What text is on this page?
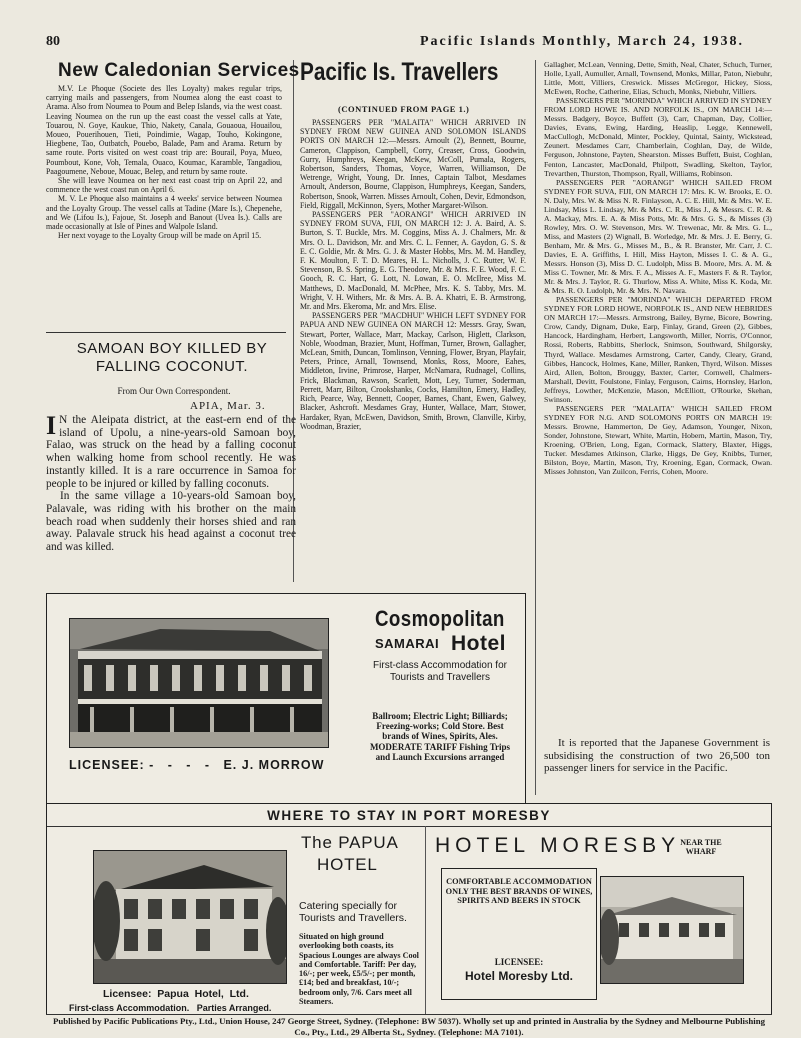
80	Pacific Islands Monthly, March 24, 1938.
New Caledonian Services

M.V. Le Phoque (Societe des Iles Loyalty) makes regular trips, carrying mails and passengers, from Noumea along the east coast to Arama. Also from Noumea to Poum and Belep Islands, via the west coast. Leaving Noumea on the run up the east coast the vessel calls at Yate, Touarou, N. Goye, Kaukue, Thio, Nakety, Canala, Gouaoua, Houailou, Moueo, Pouerihouen, Tieti, Poindimie, Wagap, Touho, Kokingone, Hiegbene, Tao, Outbatch, Pouebo, Balade, Pam and Arama. Return by same route. Ports visited on west coast trip are: Bourail, Poya, Mueo, Poumbout, Kone, Voh, Temala, Ouaco, Koumac, Karamble, Tangadiou, Paagoumene, Neboue, Mouac, Belep, and return by same route.

She will leave Noumea on her next east coast trip on April 22, and commence the west coast run on April 6.

M. V. Le Phoque also maintains a 4 weeks' service between Noumea and the Loyalty Group. The vessel calls at Tadine (Mare Is.), Chepenehe, and We (Lifou Is.), Fajoue, St. Joseph and Banout (Uvea Is.). Calls are made occasionally at Isle of Pines and Walpole Island.

Her next voyage to the Loyalty Group will be made on April 15.

SAMOAN BOY KILLED BY
FALLING COCONUT.
From Our Own Correspondent.
APIA, Mar. 3.

I N the Aleipata district, at the east-ern end of the island of Upolu, a nine-years-old Samoan boy, Falao, was struck on the head by a falling coconut when walking home from school recently. He was instantly killed. It is a rare occurrence in Samoa for people to be injured or killed by falling coconuts.

In the same village a 10-years-old Samoan boy, Palavale, was riding with his brother on the main beach road when suddenly their horses shied and ran away. Palavale struck his head against a coconut tree and was killed.

Pacific Is. Travellers
(CONTINUED FROM PAGE 1.)

PASSENGERS PER "MALAITA" WHICH ARRIVED IN SYDNEY FROM NEW GUINEA AND SOLOMON ISLANDS PORTS ON MARCH 12:—Messrs. Arnoult (2), Bennett, Bourne, Cameron, Clappison, Campbell, Corry, Creaser, Cross, Goodwin, Gurry, Humphreys, Keegan, McKew, McColl, Pumala, Rogers, Robertson, Sanders, Thomas, Voyce, Warren, Williamson, De Wetrenge, Wright, Young, Dr. Innes, Captain Talbot, Mesdames Arnoult, Anderson, Bourne, Clappison, Humphreys, Keegan, Sanders, Robertson, Snook, Warren. Misses Arnoult, Cohen, Devir, Edmondson, Field, Riggall, McKinnon, Syers, Mother Margaret-Wilson.

PASSENGERS PER "AORANGI" WHICH ARRIVED IN SYDNEY FROM SUVA, FIJI, ON MARCH 12: J. A. Baird, A. S. Burton, S. T. Buckle, Mrs. M. Coggins, Miss A. J. Chalmers, Mr. & Mrs. O. L. Davidson, Mr. and Mrs. C. L. Fenner, A. Gaydon, G. S. & E. C. Goldie, Mr. & Mrs. G. J. & Master Hobbs, Mrs. M. M. Handley, F. K. Moulton, F. T. D. Meares, H. L. Nicholls, J. C. Rutter, W. F. Stevenson, B. S. Spring, E. G. Theodore, Mr. & Mrs. F. E. Wood, F. C. Gooch, R. C. Hart, G. Lott, N. Lowan, E. O. McIlree, Miss M. Matthews, D. MacDonald, M. McPhee, Mrs. K. S. Tabby, Mrs. M. Wright, V. H. Withers, Mr. & Mrs. A. B. A. Khatri, E. B. Armstrong, Mr. and Mrs. Ekeroma, Mr. and Mrs. Elise.

PASSENGERS PER "MACDHUI" WHICH LEFT SYDNEY FOR PAPUA AND NEW GUINEA ON MARCH 12: Messrs. Gray, Swan, Stewart, Porter, Wallace, Marr, Mackay, Carlson, Higlett, Clarkson, Noble, Woodman, Brazier, Munt, Hoffman, Turner, Brown, Gallagher, McLean, Smith, Duncan, Tomlinson, Venning, Flower, Bryan, Playfair, Peters, Prince, Arnall, Townsend, Monks, Ross, Moore, Eahes, Middleton, Irvine, Primrose, Harper, McNamara, Rudnagel, Collins, Frick, Blackman, Rawson, Scarlett, Mott, Ley, Turner, Soderman, Perrett, Marr, Bilton, Crookshanks, Cocks, Hamilton, Emery, Hadley, Rich, Pearce, Way, Bennett, Cooper, Barnes, Chant, Ewen, Galwey, Blacker, Ashcroft. Mesdames Gray, Hunter, Wallace, Marr, Stower, Hardaker, Ryan, McEwen, Davidson, Smith, Brown, Clanville, Kirby, Woodman, Brazier,

Gallagher, McLean, Venning, Dette, Smith, Neal, Chater, Schuch, Turner, Holle, Lyall, Aumuller, Arnall, Townsend, Monks, Millar, Paton, Niebuhr, Little, Mott, Villiers, Creswick. Misses McGregor, Hickey, Sioss, McEwen, Roche, Catherine, Elias, Schuch, Monks, Niebuhr, Villiers.

PASSENGERS PER "MORINDA" WHICH ARRIVED IN SYDNEY FROM LORD HOWE IS. AND NORFOLK IS., ON MARCH 14:—Messrs. Badgery, Boyce, Buffett (3), Carr, Chapman, Day, Collier, Davies, Evans, Ewing, Harding, Heaslip, Legge, Kennewell, MacCullogh, McDonald, Minter, Pockley, Quintal, Sainty, Wickstead, Zeunert. Mesdames Carr, Chamberlain, Coghlan, Day, de Wilde, Ferguson, Johnstone, Payten, Shearston. Misses Buffett, Buist, Coghlan, Fenton, Lancaster, MacDonald, Philpott, Swadling, Skelton, Taylor, Trevarthen, Thurston, Thompson, Ryall, Williams, Robinson.

PASSENGERS PER "AORANGI" WHICH SAILED FROM SYDNEY FOR SUVA, FIJI, ON MARCH 17: Mrs. K. W. Brooks, E. O. N. Daly, Mrs. W. & Miss N. R. Finlayson, A. C. E. Hill, Mr. & Mrs. W. E. Lindsay, Miss L. Lindsay, Mr. & Mrs. C. R., Miss J., & Messrs. C. R. & A. Mackay, Mrs. E. A. & Miss Potts, Mr. & Mrs. G. S., & Misses (3) Rowley, Mrs. O. W. Stevenson, Mrs. W. Trewenac, Mr. & Mrs. G. L., Miss, and Masters (2) Wignall, B. Worledge, Mr. & Mrs. J. E. Berry, G. Benham, Mr. & Mrs. G., Misses M., B., & R. Branster, Mr. Carr, J. C. Davies, E. A. Griffiths, I. Hill, Miss Hayton, Misses I. C. & A. G., Messrs. Honson (3), Miss D. C. Ludolph, Miss B. Moore, Mrs. A. M. & Miss C. Towner, Mr. & Mrs. F. A., Misses A. F., Masters F. & R. Taylor, Mr. & Mrs. J. Taylor, R. G. Thurlow, Miss A. White, Miss K. Koda, Mr. & Mrs. R. O. Ludolph, Mr. & Mrs. N. Navara.

PASSENGERS PER "MORINDA" WHICH DEPARTED FROM SYDNEY FOR LORD HOWE, NORFOLK IS., AND NEW HEBRIDES ON MARCH 17:—Messrs. Armstrong, Bailey, Byrne, Bicore, Bowring, Crow, Candy, Dignam, Duke, Earp, Finlay, Grand, Green (2), Gibbes, Hancock, Hardingham, Herbert, Langsworth, Miller, Norris, O'Connor, Rossi, Roberts, Rabbitts, Sherlock, Snimson, Southward, Shilgorsky, Thyrd, Wallace. Mesdames Armstrong, Carter, Candy, Cleary, Grand, Gibbes, Hancock, Holmes, Kane, Miller, Ranken, Thyrd, Wilson. Misses Aird, Allen, Bolton, Brouggy, Baxter, Carter, Cornwell, Chalmers-Marshall, Devitt, Foulstone, Finlay, Ferguson, Cairns, Hornsley, Harlon, Jeffreys, Lowther, McKenzie, Mason, McElliott, O'Rourke, Skehan, Swinson.

PASSENGERS PER "MALAITA" WHICH SAILED FROM SYDNEY FOR N.G. AND SOLOMONS PORTS ON MARCH 19: Messrs. Browne, Hammerton, De Gey, Adamson, Younger, Nixon, Sonder, Johnstone, Stewart, White, Martin, Hobern, Martin, Mason, Try, Kroening, O'Brien, Long, Egan, Cormack, Slattery, Blaxter, Higgs, Tucker. Mesdames Atkinson, Clarke, Higgs, De Gey, Knibbs, Turner, Bilston, Boye, Martin, Mason, Try, Kroening, Egan, Cormack, Owan. Misses Johnston, Van Zuilcon, Ferris, Cohen, Moore.

Cosmopolitan
SAMARAI Hotel
First-class Accommodation for Tourists and Travellers
Ballroom; Electric Light; Billiards; Freezing-works; Cold Store. Best brands of Wines, Spirits, Ales. MODERATE TARIFF Fishing Trips and Launch Excursions arranged
LICENSEE: -   -   -   -   E. J. MORROW
It is reported that the Japanese Government is subsidising the construction of two 26,500 ton passenger liners for service in the Pacific.
WHERE TO STAY IN PORT MORESBY
The PAPUA
HOTEL
Catering specially for Tourists and Travellers.
Situated on high ground overlooking both coasts, its Spacious Lounges are always Cool and Comfortable. Tariff: Per day, 16/-; per week, £5/5/-; per month, £14; bed and breakfast, 10/-; bedroom only, 7/6. Cars meet all Steamers.
Licensee:  Papua  Hotel,  Ltd.
First-class Accommodation.   Parties Arranged.
HOTEL MORESBY NEAR THE WHARF
COMFORTABLE ACCOMMODATION ONLY THE BEST BRANDS OF WINES, SPIRITS AND BEERS IN STOCK
LICENSEE:
Hotel Moresby Ltd.
Published by Pacific Publications Pty., Ltd., Union House, 247 George Street, Sydney. (Telephone: BW 5037). Wholly set up and printed in Australia by the Sydney and Melbourne Publishing Co., Pty., Ltd., 29 Alberta St., Sydney. (Telephone: MA 7101).
